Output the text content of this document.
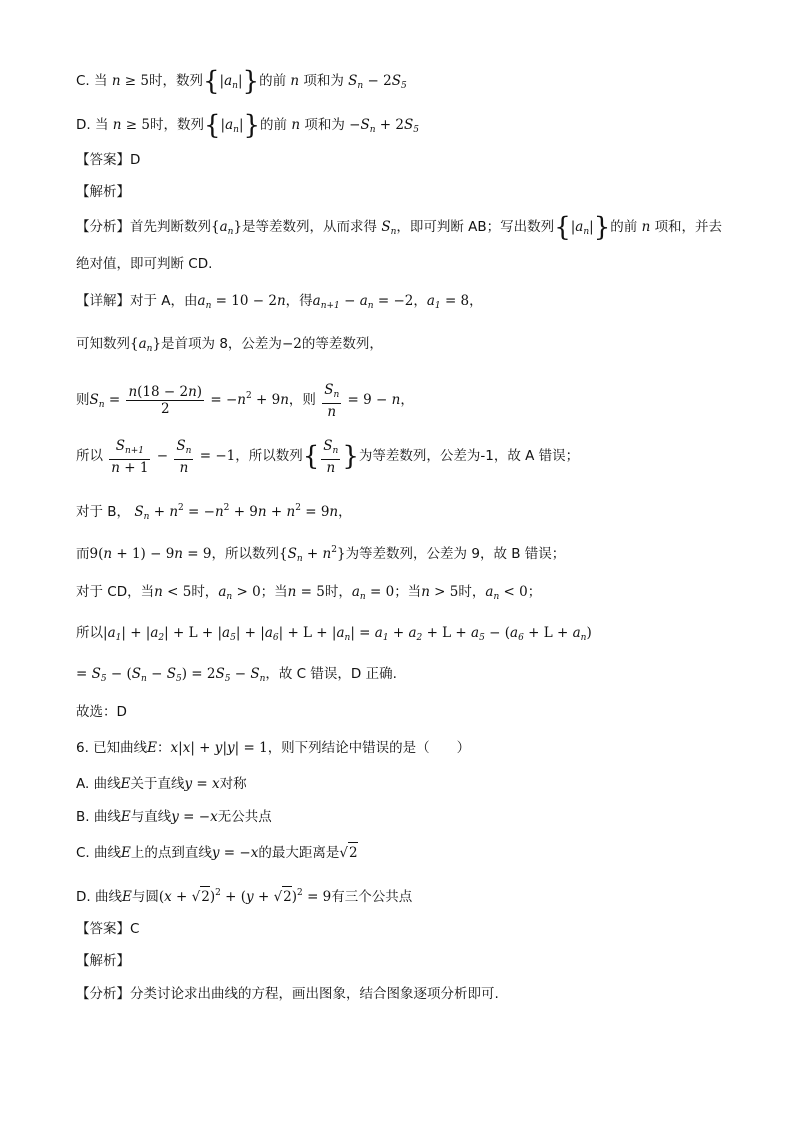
C. 当 n ≥ 5时，数列$\{|a_n|\}$的前 n 项和为 $S_n - 2S_5$
D. 当 n ≥ 5时，数列$\{|a_n|\}$的前 n 项和为 $-S_n + 2S_5$
【答案】D
【解析】
【分析】首先判断数列$\{a_n\}$是等差数列，从而求得 $S_n$，即可判断 AB；写出数列$\{|a_n|\}$的前 n 项和，并去
绝对值，即可判断 CD.
【详解】对于 A，由$a_n = 10 - 2n$，得$a_{n+1} - a_n = -2$，$a_1 = 8$，
可知数列$\{a_n\}$是首项为 8，公差为−2的等差数列，
则$S_n = \frac{n(18 - 2n)}{2} = -n^2 + 9n$，则 $\frac{S_n}{n} = 9 - n$，
所以 $\frac{S_{n+1}}{n + 1} - \frac{S_n}{n} = -1$，所以数列{ $\frac{S_n}{n}$ }为等差数列，公差为-1，故 A 错误；
对于 B， $S_n + n^2 = -n^2 + 9n + n^2 = 9n$，
而9(n + 1) − 9n = 9，所以数列$\{S_n + n^2\}$为等差数列，公差为 9，故 B 错误；
对于 CD，当n < 5时，$a_n > 0$；当n = 5时，$a_n = 0$；当n > 5时，$a_n < 0$；
所以$|a_1| + |a_2| + L + |a_5| + |a_6| + L + |a_n| = a_1 + a_2 + L + a_5 - (a_6 + L + a_n)$
= $S_5 - (S_n - S_5) = 2S_5 - S_n$，故 C 错误，D 正确.
故选：D
6. 已知曲线E：x|x| + y|y| = 1，则下列结论中错误的是（　　）
A. 曲线E关于直线y = x对称
B. 曲线E与直线y = −x无公共点
C. 曲线E上的点到直线y = −x的最大距离是√2
D. 曲线E与圆$(x + √2)^2 + (y + √2)^2 = 9$有三个公共点
【答案】C
【解析】
【分析】分类讨论求出曲线的方程，画出图象，结合图象逐项分析即可.
